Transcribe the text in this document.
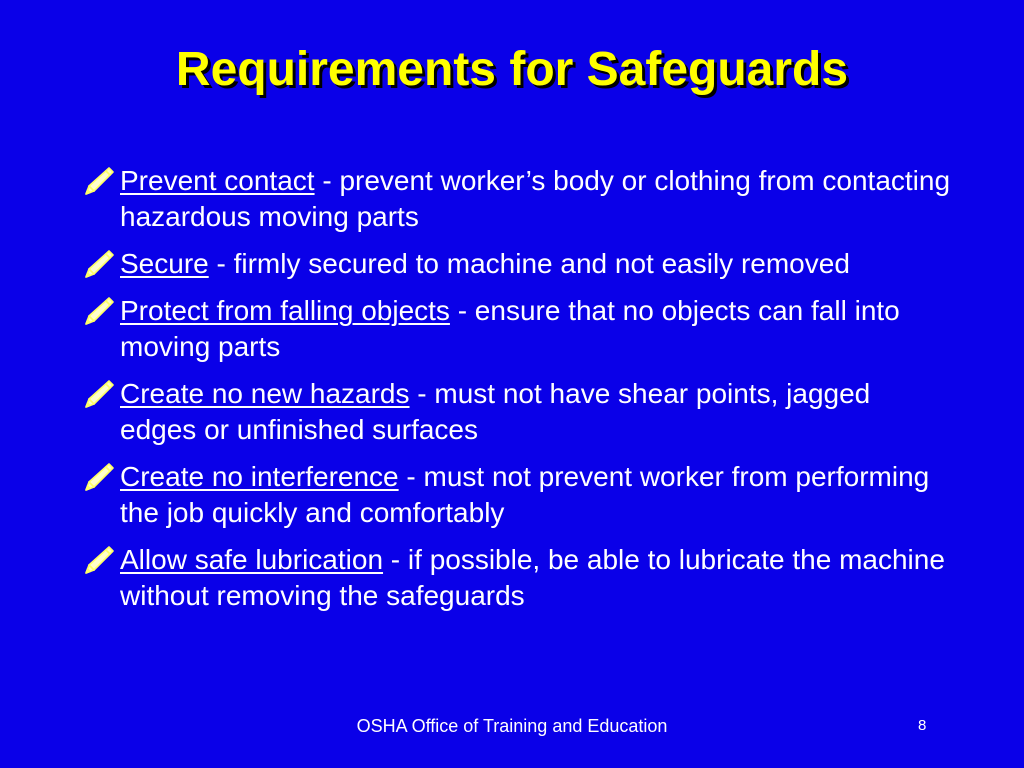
Requirements for Safeguards
Prevent contact - prevent worker’s body or clothing from contacting hazardous moving parts
Secure - firmly secured to machine and not easily removed
Protect from falling objects - ensure that no objects can fall into moving parts
Create no new hazards - must not have shear points, jagged edges or unfinished surfaces
Create no interference - must not prevent worker from performing the job quickly and comfortably
Allow safe lubrication - if possible, be able to lubricate the machine without removing the safeguards
OSHA Office of Training and Education	8
